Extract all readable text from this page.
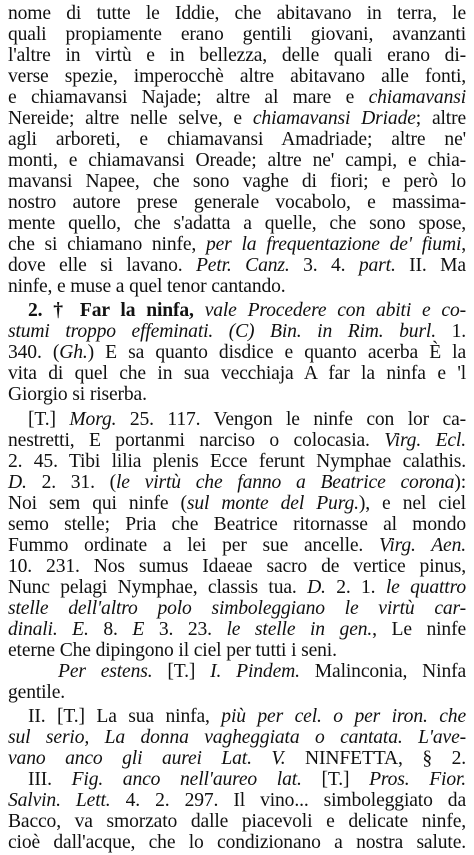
nome di tutte le Iddie, che abitavano in terra, le
quali propiamente erano gentili giovani, avanzanti
l'altre in virtù e in bellezza, delle quali erano di-
verse spezie, imperocchè altre abitavano alle fonti,
e chiamavansi Najade; altre al mare e chiamavansi
Nereide; altre nelle selve, e chiamavansi Driade; altre
agli arboreti, e chiamavansi Amadriade; altre ne'
monti, e chiamavansi Oreade; altre ne' campi, e chia-
mavansi Napee, che sono vaghe di fiori; e però lo
nostro autore prese generale vocabolo, e massima-
mente quello, che s'adatta a quelle, che sono spose,
che si chiamano ninfe, per la frequentazione de' fiumi,
dove elle si lavano. Petr. Canz. 3. 4. part. II. Ma
ninfe, e muse a quel tenor cantando.
2. † Far la ninfa, vale Procedere con abiti e co-
stumi troppo effeminati. (C) Bin. in Rim. burl. 1.
340. (Gh.) E sa quanto disdice e quanto acerba È la
vita di quel che in sua vecchiaja A far la ninfa e 'l
Giorgio si riserba.
[T.] Morg. 25. 117. Vengon le ninfe con lor ca-
nestretti, E portanmi narciso o colocasia. Virg. Ecl.
2. 45. Tibi lilia plenis Ecce ferunt Nymphae calathis.
D. 2. 31. (le virtù che fanno a Beatrice corona):
Noi sem qui ninfe (sul monte del Purg.), e nel ciel
semo stelle; Pria che Beatrice ritornasse al mondo
Fummo ordinate a lei per sue ancelle. Virg. Aen.
10. 231. Nos sumus Idaeae sacro de vertice pinus,
Nunc pelagi Nymphae, classis tua. D. 2. 1. le quattro
stelle dell'altro polo simboleggiano le virtù car-
dinali. E. 8. E 3. 23. le stelle in gen., Le ninfe
eterne Che dipingono il ciel per tutti i seni.
Per estens. [T.] I. Pindem. Malinconia, Ninfa
gentile.
II. [T.] La sua ninfa, più per cel. o per iron. che
sul serio, La donna vagheggiata o cantata. L'ave-
vano anco gli aurei Lat. V. NINFETTA, § 2.
III. Fig. anco nell'aureo lat. [T.] Pros. Fior.
Salvin. Lett. 4. 2. 297. Il vino... simboleggiato da
Bacco, va smorzato dalle piacevoli e delicate ninfe,
cioè dall'acque, che lo condizionano a nostra salute.
